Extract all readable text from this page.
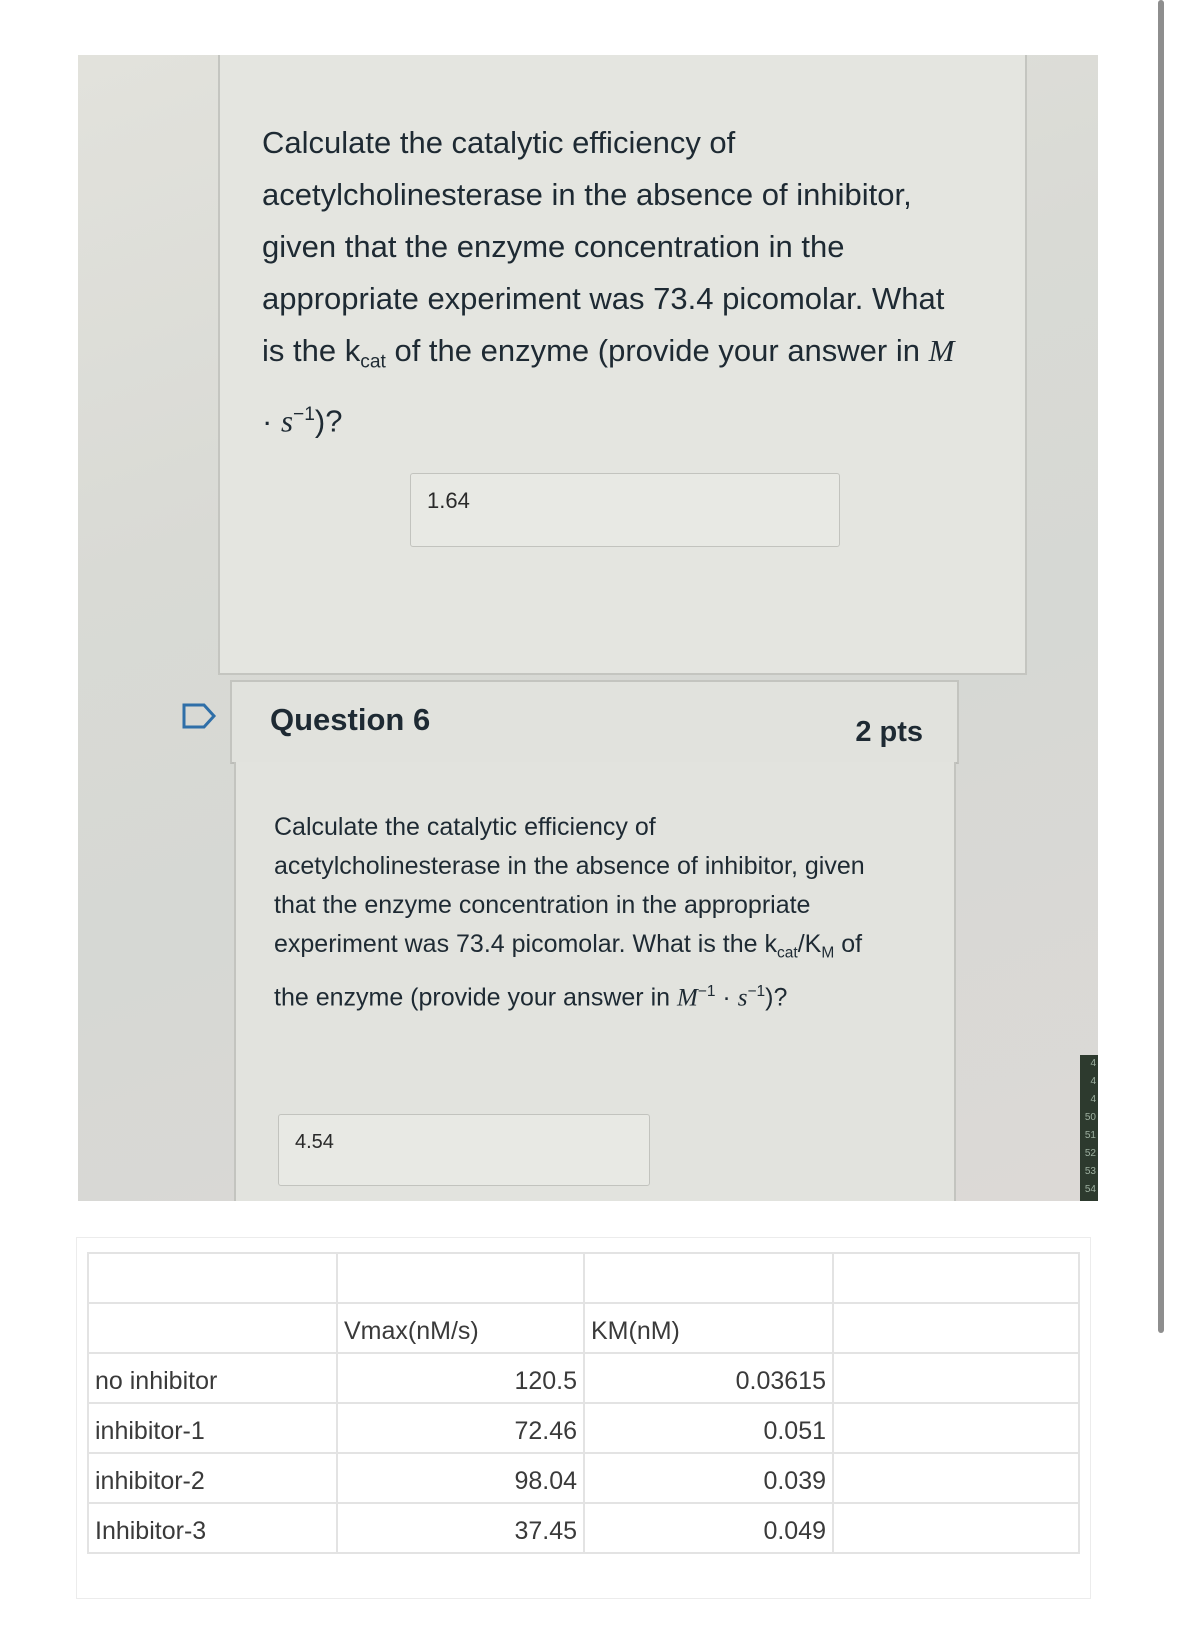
Calculate the catalytic efficiency of acetylcholinesterase in the absence of inhibitor, given that the enzyme concentration in the appropriate experiment was 73.4 picomolar. What is the $k_{cat}$ of the enzyme (provide your answer in $M \cdot s^{-1}$)?
1.64
Question 6	2 pts
Calculate the catalytic efficiency of acetylcholinesterase in the absence of inhibitor, given that the enzyme concentration in the appropriate experiment was 73.4 picomolar. What is the $k_{cat}/K_M$ of the enzyme (provide your answer in $M^{-1} \cdot s^{-1}$)?
4.54
4
4
4
50
51
52
53
54

	Vmax(nM/s)	KM(nM)	
no inhibitor	120.5	0.03615	
inhibitor-1	72.46	0.051	
inhibitor-2	98.04	0.039	
Inhibitor-3	37.45	0.049	
